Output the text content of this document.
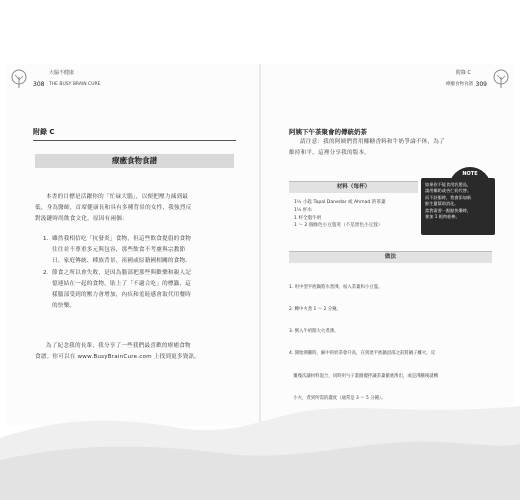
大腦不健康
308 THE BUSY BRAIN CURE
附錄 C
309
療癒食物食譜
附錄 C
療癒食物食譜
本書的目標是活躍你的「忙碌大腦」，以便把壓力減到最
低。身為醫師，首席健康長和具有多種背景的女性，我強烈反
對汲鏈時尚飲食文化，原因有兩個：
1. 雖然我相信吃「抗發炎」食物，但這些飲食提倡的食物
往往並不尊重多元與包容，那些飲食不考慮與宗教節
日、家庭傳統、種族背景、祖國或原籍國相關的食物。
2. 節食之所以會失敗，是因為腦部把那些與歡樂和親人記
憶連結在一起的食物，貼上了「不適合吃」的標籤，這
樣腦部受到的壓力會增加，內疚和羞恥感會取代用餐時
的快樂。
為了紀念我的長輩，我分享了一些我們最喜歡的療癒食物
食譜。你可以在 www.BusyBrainCure.com 上找到更多資訊。
阿姨下午茶聚會的傳統奶茶
請注意：我的阿姨們習用椰糖香料和牛奶爭論不休，為了
維持和平，這裡分享我的版本。
NOTE
如果你不能食用乳製品，
請用椰奶或杏仁奶代替。
而不舒服時，我會添加新
鮮生薑幫助消化。
當我需要一點點快樂時，
會加 1 根肉桂棒。
材料（每杯）
1½ 小匙 Tapal Danedar 或 Ahmad 的茶葉
1½ 杯水
1 杯全脂牛奶
1 ～ 2 個綠色小豆蔻莢（不是黑色小豆蔻）
做法

1. 用中型平底鍋將水煮沸，加入茶葉和小豆蔻。

2. 轉中火煮 1 ～ 2 分鐘。

3. 倒入牛奶開大火煮沸。

4. 開始沸騰時，細中的奶茶會升高，在到達平底鍋頂部之前將鍋子離火，反

覆幾次讓材料混合，同時用勺子畫圈攪拌讓茶葉徹底滲出，或是沸騰後就轉

小火，煮到所需的濃度（通常是 3 ～ 5 分鐘）。
